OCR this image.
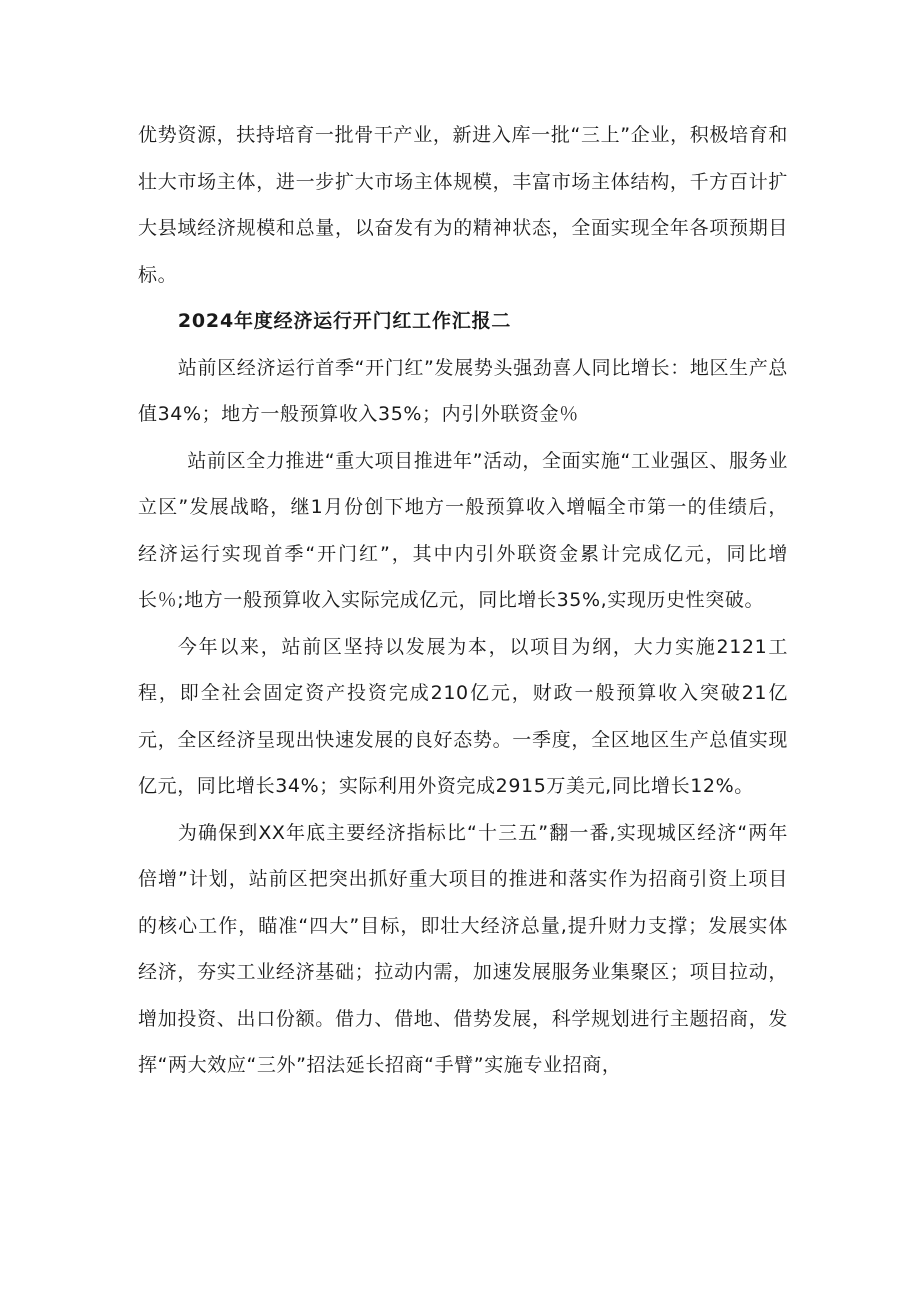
优势资源，扶持培育一批骨干产业，新进入库一批“三上”企业，积极培育和壮大市场主体，进一步扩大市场主体规模，丰富市场主体结构，千方百计扩大县域经济规模和总量，以奋发有为的精神状态，全面实现全年各项预期目标。

2024年度经济运行开门红工作汇报二

站前区经济运行首季“开门红”发展势头强劲喜人同比增长：地区生产总值34%；地方一般预算收入35%；内引外联资金％

站前区全力推进“重大项目推进年”活动，全面实施“工业强区、服务业立区”发展战略，继1月份创下地方一般预算收入增幅全市第一的佳绩后，经济运行实现首季“开门红”，其中内引外联资金累计完成亿元，同比增长％;地方一般预算收入实际完成亿元，同比增长35%,实现历史性突破。

今年以来，站前区坚持以发展为本，以项目为纲，大力实施2121工程，即全社会固定资产投资完成210亿元，财政一般预算收入突破21亿元，全区经济呈现出快速发展的良好态势。一季度，全区地区生产总值实现亿元，同比增长34%；实际利用外资完成2915万美元,同比增长12%。

为确保到XX年底主要经济指标比“十三五”翻一番,实现城区经济“两年倍增”计划，站前区把突出抓好重大项目的推进和落实作为招商引资上项目的核心工作，瞄准“四大”目标，即壮大经济总量,提升财力支撑；发展实体经济，夯实工业经济基础；拉动内需，加速发展服务业集聚区；项目拉动，增加投资、出口份额。借力、借地、借势发展，科学规划进行主题招商，发挥“两大效应“三外”招法延长招商“手臂”实施专业招商，
